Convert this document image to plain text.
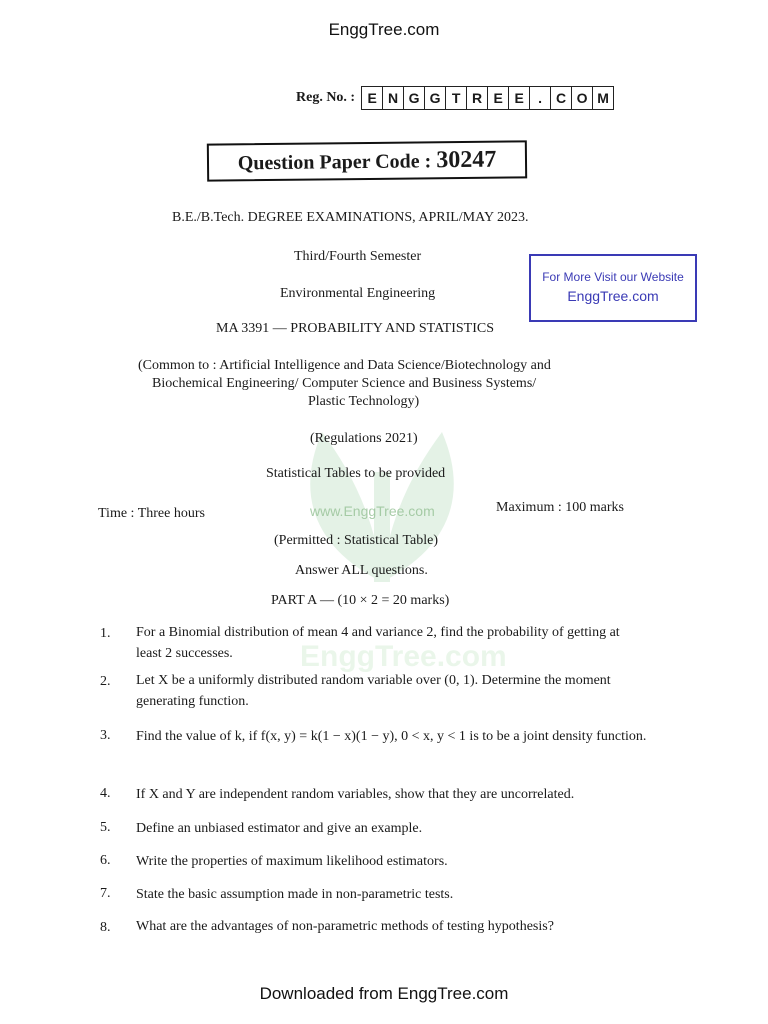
EnggTree.com
www.EnggTree.com
EnggTree.com
Reg. No. : E N G G T R E E	.	C O M
Question Paper Code : 30247
B.E./B.Tech. DEGREE EXAMINATIONS, APRIL/MAY 2023.
Third/Fourth Semester
Environmental Engineering
MA 3391 — PROBABILITY AND STATISTICS
(Common to : Artificial Intelligence and Data Science/Biotechnology and
Biochemical Engineering/ Computer Science and Business Systems/
Plastic Technology)
(Regulations 2021)
Statistical Tables to be provided
Time : Three hours	Maximum : 100 marks
(Permitted : Statistical Table)
Answer ALL questions.
PART A — (10 × 2 = 20 marks)
For More Visit our Website
EnggTree.com
1. For a Binomial distribution of mean 4 and variance 2, find the probability of getting at least 2 successes.
2. Let X be a uniformly distributed random variable over (0, 1). Determine the moment generating function.
3. Find the value of k, if f(x, y) = k(1 − x)(1 − y), 0 < x, y < 1 is to be a joint density function.
4. If X and Y are independent random variables, show that they are uncorrelated.
5. Define an unbiased estimator and give an example.
6. Write the properties of maximum likelihood estimators.
7. State the basic assumption made in non-parametric tests.
8. What are the advantages of non-parametric methods of testing hypothesis?
Downloaded from EnggTree.com
